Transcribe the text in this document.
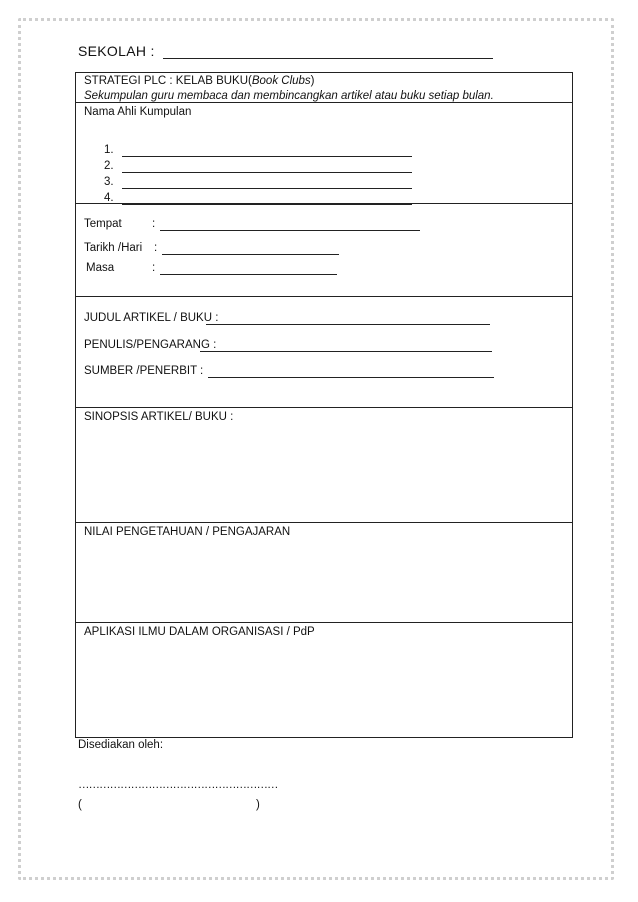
SEKOLAH :
STRATEGI PLC : KELAB BUKU(Book Clubs)
Sekumpulan guru membaca dan membincangkan artikel atau buku setiap bulan.
Nama Ahli Kumpulan
1.
2.
3.
4.
Tempat	:
Tarikh /Hari :
Masa	:
JUDUL ARTIKEL / BUKU :
PENULIS/PENGARANG :
SUMBER /PENERBIT :
SINOPSIS ARTIKEL/ BUKU :
NILAI PENGETAHUAN / PENGAJARAN
APLIKASI ILMU DALAM ORGANISASI / PdP
Disediakan oleh:
…………………………………………………
(	)
